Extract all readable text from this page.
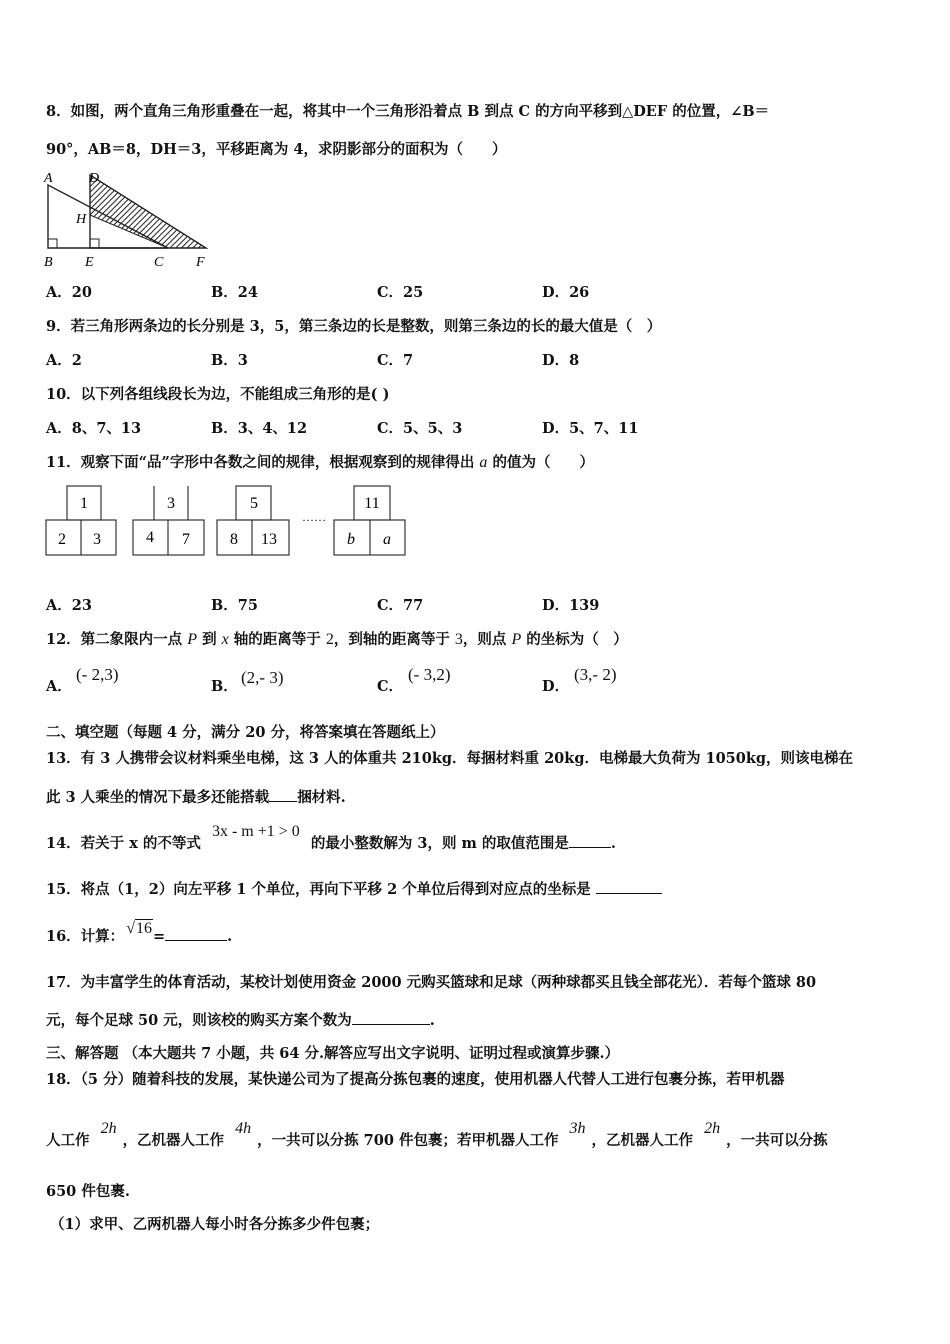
8．如图，两个直角三角形重叠在一起，将其中一个三角形沿着点 B 到点 C 的方向平移到△DEF 的位置，∠B＝
90°，AB＝8，DH＝3，平移距离为 4，求阴影部分的面积为（　　）
A	D
H
B E	C F
A．20	B．24	C．25	D．26
9．若三角形两条边的长分别是 3，5，第三条边的长是整数，则第三条边的长的最大值是（　）
A．2	B．3	C．7	D．8
10．以下列各组线段长为边，不能组成三角形的是( )
A．8、7、13	B．3、4、12	C．5、5、3	D．5、7、11
11．观察下面“品”字形中各数之间的规律，根据观察到的规律得出 a 的值为（　　）
1
2 3
3
4 7
5
8 13
……
11
b a
A．23	B．75	C．77	D．139
12．第二象限内一点 P 到 x 轴的距离等于 2，到轴的距离等于 3，则点 P 的坐标为（　）
A．
(- 2,3)
B． (2,- 3)	C．
(- 3,2)
D．
(3,- 2)
二、填空题（每题 4 分，满分 20 分，将答案填在答题纸上）
13．有 3 人携带会议材料乘坐电梯，这 3 人的体重共 210kg．每捆材料重 20kg．电梯最大负荷为 1050kg，则该电梯在
此 3 人乘坐的情况下最多还能搭载 捆材料.
14．若关于 x 的不等式 3x - m +1 > 0 的最小整数解为 3，则 m 的取值范围是	.
15．将点（1，2）向左平移 1 个单位，再向下平移 2 个单位后得到对应点的坐标是
16．计算： √16=	.
17．为丰富学生的体育活动，某校计划使用资金 2000 元购买篮球和足球（两种球都买且钱全部花光）．若每个篮球 80
元，每个足球 50 元，则该校的购买方案个数为	.
三、解答题 （本大题共 7 小题，共 64 分.解答应写出文字说明、证明过程或演算步骤.）
18．（5 分）随着科技的发展，某快递公司为了提高分拣包裹的速度，使用机器人代替人工进行包裹分拣，若甲机器
人工作 2h，乙机器人工作 4h，一共可以分拣 700 件包裹；若甲机器人工作 3h，乙机器人工作 2h，一共可以分拣
650 件包裹.
（1）求甲、乙两机器人每小时各分拣多少件包裹；
